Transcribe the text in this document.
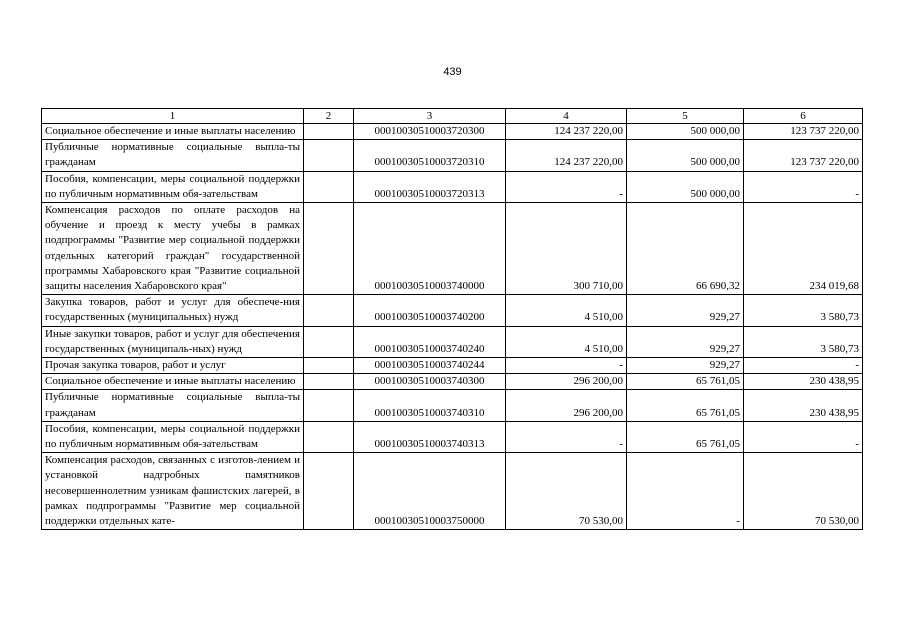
439
1	2	3	4	5	6
Социальное обеспечение и иные выплаты населению		00010030510003720300	124 237 220,00	500 000,00	123 737 220,00
Публичные нормативные социальные выпла-ты гражданам		00010030510003720310	124 237 220,00	500 000,00	123 737 220,00
Пособия, компенсации, меры социальной поддержки по публичным нормативным обя-зательствам		00010030510003720313	-	500 000,00	-
Компенсация расходов по оплате расходов на обучение и проезд к месту учебы в рамках подпрограммы "Развитие мер социальной поддержки отдельных категорий граждан" государственной программы Хабаровского края "Развитие социальной защиты населения Хабаровского края"		00010030510003740000	300 710,00	66 690,32	234 019,68
Закупка товаров, работ и услуг для обеспече-ния государственных (муниципальных) нужд		00010030510003740200	4 510,00	929,27	3 580,73
Иные закупки товаров, работ и услуг для обеспечения государственных (муниципаль-ных) нужд		00010030510003740240	4 510,00	929,27	3 580,73
Прочая закупка товаров, работ и услуг		00010030510003740244	-	929,27	-
Социальное обеспечение и иные выплаты населению		00010030510003740300	296 200,00	65 761,05	230 438,95
Публичные нормативные социальные выпла-ты гражданам		00010030510003740310	296 200,00	65 761,05	230 438,95
Пособия, компенсации, меры социальной поддержки по публичным нормативным обя-зательствам		00010030510003740313	-	65 761,05	-
Компенсация расходов, связанных с изготов-лением и установкой надгробных памятников несовершеннолетним узникам фашистских лагерей, в рамках подпрограммы "Развитие мер социальной поддержки отдельных кате-		00010030510003750000	70 530,00	-	70 530,00
